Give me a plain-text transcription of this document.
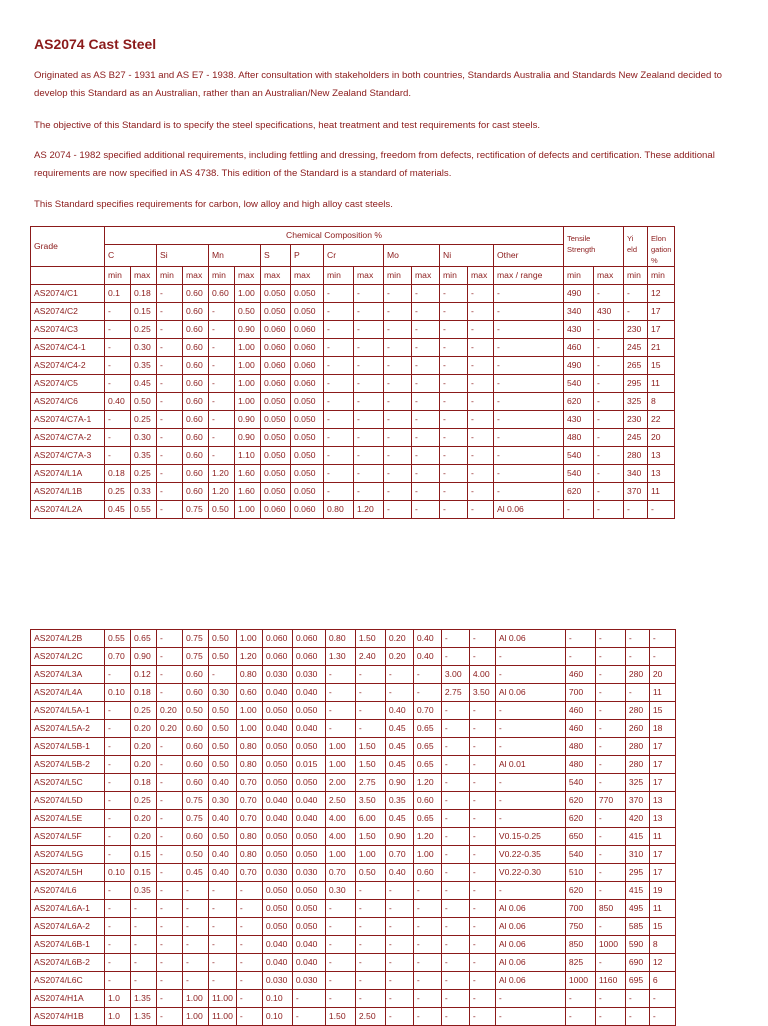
AS2074 Cast Steel
Originated as AS B27 - 1931 and AS E7 - 1938. After consultation with stakeholders in both countries, Standards Australia and Standards New Zealand decided to develop this Standard as an Australian, rather than an Australian/New Zealand Standard.
The objective of this Standard is to specify the steel specifications, heat treatment and test requirements for cast steels.
AS 2074 - 1982 specified additional requirements, including fettling and dressing, freedom from defects, rectification of defects and certification. These additional requirements are now specified in AS 4738. This edition of the Standard is a standard of materials.
This Standard specifies requirements for carbon, low alloy and high alloy cast steels.
Grade	Chemical Composition %															Tensile Strength		Yi eld	Elon gation %
	C		Si		Mn		S	P	Cr		Mo		Ni		Other				
	min	max	min	max	min	max	max	max	min	max	min	max	min	max	max / range	min	max	min	min
AS2074/C1	0.1	0.18	-	0.60	0.60	1.00	0.050	0.050	-	-	-	-	-	-	-	490	-	-	12
AS2074/C2	-	0.15	-	0.60	-	0.50	0.050	0.050	-	-	-	-	-	-	-	340	430	-	17
AS2074/C3	-	0.25	-	0.60	-	0.90	0.060	0.060	-	-	-	-	-	-	-	430	-	230	17
AS2074/C4-1	-	0.30	-	0.60	-	1.00	0.060	0.060	-	-	-	-	-	-	-	460	-	245	21
AS2074/C4-2	-	0.35	-	0.60	-	1.00	0.060	0.060	-	-	-	-	-	-	-	490	-	265	15
AS2074/C5	-	0.45	-	0.60	-	1.00	0.060	0.060	-	-	-	-	-	-	-	540	-	295	11
AS2074/C6	0.40	0.50	-	0.60	-	1.00	0.050	0.050	-	-	-	-	-	-	-	620	-	325	8
AS2074/C7A-1	-	0.25	-	0.60	-	0.90	0.050	0.050	-	-	-	-	-	-	-	430	-	230	22
AS2074/C7A-2	-	0.30	-	0.60	-	0.90	0.050	0.050	-	-	-	-	-	-	-	480	-	245	20
AS2074/C7A-3	-	0.35	-	0.60	-	1.10	0.050	0.050	-	-	-	-	-	-	-	540	-	280	13
AS2074/L1A	0.18	0.25	-	0.60	1.20	1.60	0.050	0.050	-	-	-	-	-	-	-	540	-	340	13
AS2074/L1B	0.25	0.33	-	0.60	1.20	1.60	0.050	0.050	-	-	-	-	-	-	-	620	-	370	11
AS2074/L2A	0.45	0.55	-	0.75	0.50	1.00	0.060	0.060	0.80	1.20	-	-	-	-	Al 0.06	-	-	-	-
AS2074/L2B	0.55	0.65	-	0.75	0.50	1.00	0.060	0.060	0.80	1.50	0.20	0.40	-	-	Al 0.06	-	-	-	-
AS2074/L2C	0.70	0.90	-	0.75	0.50	1.20	0.060	0.060	1.30	2.40	0.20	0.40	-	-	-	-	-	-	-
AS2074/L3A	-	0.12	-	0.60	-	0.80	0.030	0.030	-	-	-	-	3.00	4.00	-	460	-	280	20
AS2074/L4A	0.10	0.18	-	0.60	0.30	0.60	0.040	0.040	-	-	-	-	2.75	3.50	Al 0.06	700	-	-	11
AS2074/L5A-1	-	0.25	0.20	0.50	0.50	1.00	0.050	0.050	-	-	0.40	0.70	-	-	-	460	-	280	15
AS2074/L5A-2	-	0.20	0.20	0.60	0.50	1.00	0.040	0.040	-	-	0.45	0.65	-	-	-	460	-	260	18
AS2074/L5B-1	-	0.20	-	0.60	0.50	0.80	0.050	0.050	1.00	1.50	0.45	0.65	-	-	-	480	-	280	17
AS2074/L5B-2	-	0.20	-	0.60	0.50	0.80	0.050	0.015	1.00	1.50	0.45	0.65	-	-	Al 0.01	480	-	280	17
AS2074/L5C	-	0.18	-	0.60	0.40	0.70	0.050	0.050	2.00	2.75	0.90	1.20	-	-	-	540	-	325	17
AS2074/L5D	-	0.25	-	0.75	0.30	0.70	0.040	0.040	2.50	3.50	0.35	0.60	-	-	-	620	770	370	13
AS2074/L5E	-	0.20	-	0.75	0.40	0.70	0.040	0.040	4.00	6.00	0.45	0.65	-	-	-	620	-	420	13
AS2074/L5F	-	0.20	-	0.60	0.50	0.80	0.050	0.050	4.00	1.50	0.90	1.20	-	-	V0.15-0.25	650	-	415	11
AS2074/L5G	-	0.15	-	0.50	0.40	0.80	0.050	0.050	1.00	1.00	0.70	1.00	-	-	V0.22-0.35	540	-	310	17
AS2074/L5H	0.10	0.15	-	0.45	0.40	0.70	0.030	0.030	0.70	0.50	0.40	0.60	-	-	V0.22-0.30	510	-	295	17
AS2074/L6	-	0.35	-	-	-	-	0.050	0.050	0.30	-	-	-	-	-	-	620	-	415	19
AS2074/L6A-1	-	-	-	-	-	-	0.050	0.050	-	-	-	-	-	-	Al 0.06	700	850	495	11
AS2074/L6A-2	-	-	-	-	-	-	0.050	0.050	-	-	-	-	-	-	Al 0.06	750	-	585	15
AS2074/L6B-1	-	-	-	-	-	-	0.040	0.040	-	-	-	-	-	-	Al 0.06	850	1000	590	8
AS2074/L6B-2	-	-	-	-	-	-	0.040	0.040	-	-	-	-	-	-	Al 0.06	825	-	690	12
AS2074/L6C	-	-	-	-	-	-	0.030	0.030	-	-	-	-	-	-	Al 0.06	1000	1160	695	6
AS2074/H1A	1.0	1.35	-	1.00	11.00	-	0.10	-	-	-	-	-	-	-	-	-	-	-	-
AS2074/H1B	1.0	1.35	-	1.00	11.00	-	0.10	-	1.50	2.50	-	-	-	-	-	-	-	-	-
